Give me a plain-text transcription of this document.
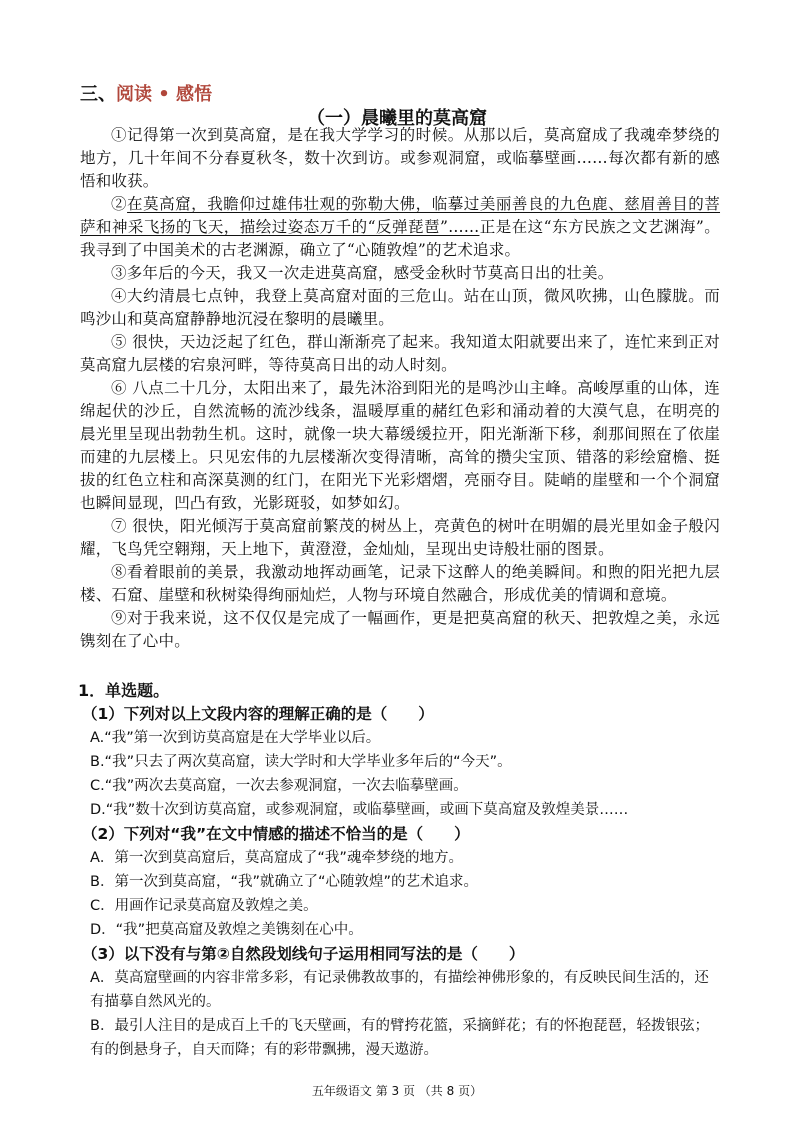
三、阅读 • 感悟
（一）晨曦里的莫高窟

①记得第一次到莫高窟，是在我大学学习的时候。从那以后，莫高窟成了我魂牵梦绕的地方，几十年间不分春夏秋冬，数十次到访。或参观洞窟，或临摹壁画……每次都有新的感悟和收获。

②在莫高窟，我瞻仰过雄伟壮观的弥勒大佛，临摹过美丽善良的九色鹿、慈眉善目的菩萨和神采飞扬的飞天，描绘过姿态万千的“反弹琵琶”……正是在这“东方民族之文艺渊海”。我寻到了中国美术的古老渊源，确立了“心随敦煌”的艺术追求。

③多年后的今天，我又一次走进莫高窟，感受金秋时节莫高日出的壮美。

④大约清晨七点钟，我登上莫高窟对面的三危山。站在山顶，微风吹拂，山色朦胧。而鸣沙山和莫高窟静静地沉浸在黎明的晨曦里。

⑤ 很快，天边泛起了红色，群山渐渐亮了起来。我知道太阳就要出来了，连忙来到正对莫高窟九层楼的宕泉河畔，等待莫高日出的动人时刻。

⑥ 八点二十几分，太阳出来了，最先沐浴到阳光的是鸣沙山主峰。高峻厚重的山体，连绵起伏的沙丘，自然流畅的流沙线条，温暖厚重的赭红色彩和涌动着的大漠气息，在明亮的晨光里呈现出勃勃生机。这时，就像一块大幕缓缓拉开，阳光渐渐下移，刹那间照在了依崖而建的九层楼上。只见宏伟的九层楼渐次变得清晰，高耸的攒尖宝顶、错落的彩绘窟檐、挺拔的红色立柱和高深莫测的红门，在阳光下光彩熠熠，亮丽夺目。陡峭的崖壁和一个个洞窟也瞬间显现，凹凸有致，光影斑驳，如梦如幻。

⑦ 很快，阳光倾泻于莫高窟前繁茂的树丛上，亮黄色的树叶在明媚的晨光里如金子般闪耀，飞鸟凭空翱翔，天上地下，黄澄澄，金灿灿，呈现出史诗般壮丽的图景。

⑧看着眼前的美景，我激动地挥动画笔，记录下这醉人的绝美瞬间。和煦的阳光把九层楼、石窟、崖壁和秋树染得绚丽灿烂，人物与环境自然融合，形成优美的情调和意境。

⑨对于我来说，这不仅仅是完成了一幅画作，更是把莫高窟的秋天、把敦煌之美，永远镌刻在了心中。

1．单选题。
（1）下列对以上文段内容的理解正确的是（　　）
A.“我”第一次到访莫高窟是在大学毕业以后。
B.“我”只去了两次莫高窟，读大学时和大学毕业多年后的“今天”。
C.“我”两次去莫高窟，一次去参观洞窟，一次去临摹壁画。
D.“我”数十次到访莫高窟，或参观洞窟，或临摹壁画，或画下莫高窟及敦煌美景……
（2）下列对“我”在文中情感的描述不恰当的是（　　）
A．第一次到莫高窟后，莫高窟成了“我”魂牵梦绕的地方。
B．第一次到莫高窟，“我”就确立了“心随敦煌”的艺术追求。
C．用画作记录莫高窟及敦煌之美。
D．“我”把莫高窟及敦煌之美镌刻在心中。
（3）以下没有与第②自然段划线句子运用相同写法的是（　　）
A．莫高窟壁画的内容非常多彩，有记录佛教故事的，有描绘神佛形象的，有反映民间生活的，还有描摹自然风光的。
B．最引人注目的是成百上千的飞天壁画，有的臂挎花篮，采摘鲜花；有的怀抱琵琶，轻拨银弦；有的倒悬身子，自天而降；有的彩带飘拂，漫天遨游。
五年级语文 第 3 页 （共 8 页）
